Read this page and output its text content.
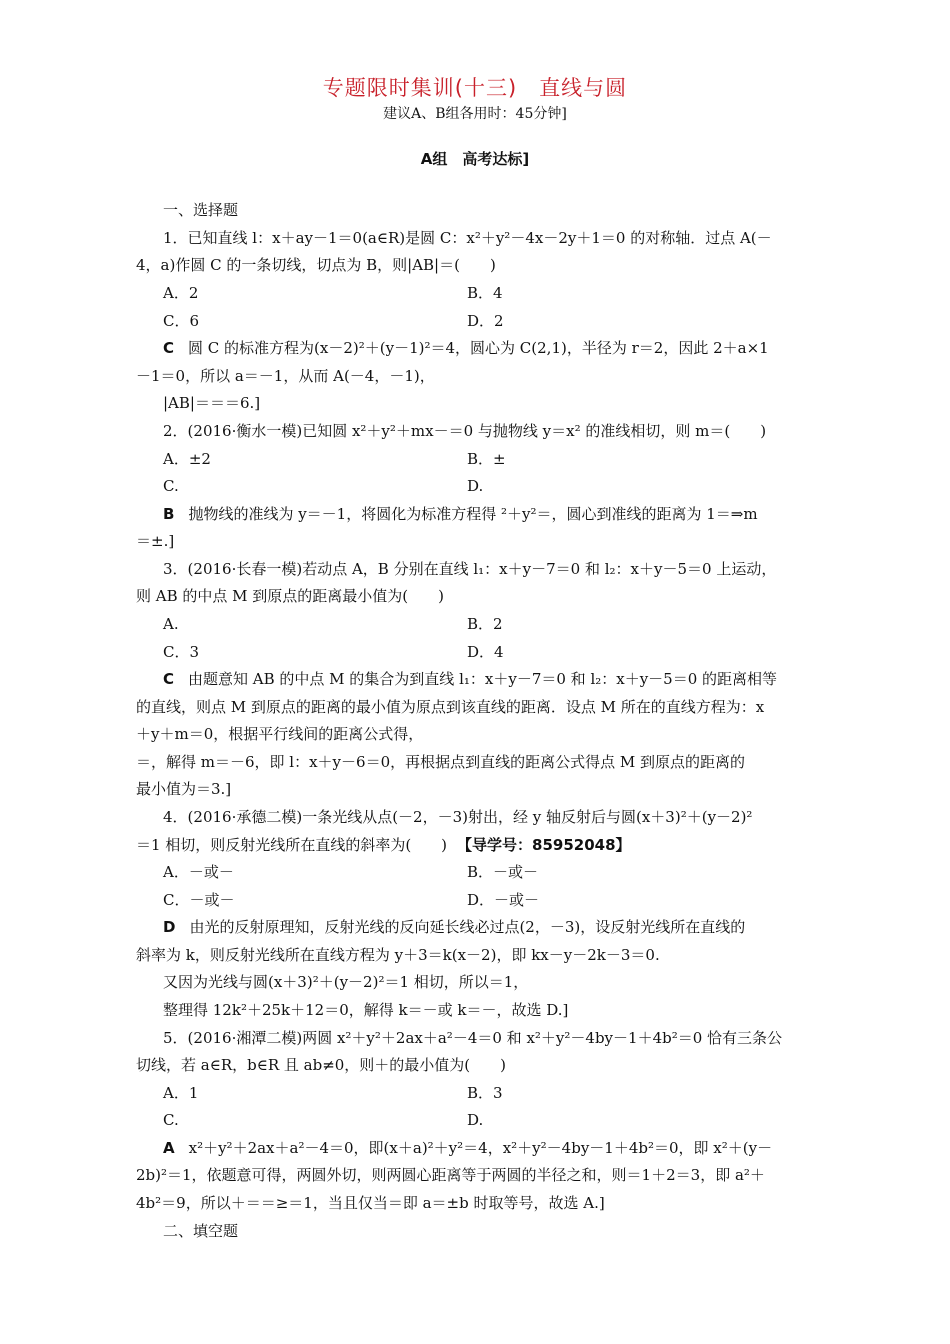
专题限时集训(十三)　直线与圆
建议A、B组各用时：45分钟]
A组　高考达标]
一、选择题
1．已知直线 l：x＋ay－1＝0(a∈R)是圆 C：x²＋y²－4x－2y＋1＝0 的对称轴．过点 A(－
4，a)作圆 C 的一条切线，切点为 B，则|AB|＝(　　)
A．2	B．4
C．6	D．2
C 圆 C 的标准方程为(x－2)²＋(y－1)²＝4，圆心为 C(2,1)，半径为 r＝2，因此 2＋a×1
－1＝0，所以 a＝－1，从而 A(－4，－1)，
|AB|＝＝＝6.]
2．(2016·衡水一模)已知圆 x²＋y²＋mx－＝0 与抛物线 y＝x² 的准线相切，则 m＝(　　)
A．±2	B．±
C.	D.
B 抛物线的准线为 y＝－1，将圆化为标准方程得 ²＋y²＝，圆心到准线的距离为 1＝⇒m
＝±.]
3．(2016·长春一模)若动点 A，B 分别在直线 l₁：x＋y－7＝0 和 l₂：x＋y－5＝0 上运动，
则 AB 的中点 M 到原点的距离最小值为(　　)
A.	B．2
C．3	D．4
C 由题意知 AB 的中点 M 的集合为到直线 l₁：x＋y－7＝0 和 l₂：x＋y－5＝0 的距离相等
的直线，则点 M 到原点的距离的最小值为原点到该直线的距离．设点 M 所在的直线方程为：x
＋y＋m＝0，根据平行线间的距离公式得，
＝，解得 m＝－6，即 l：x＋y－6＝0，再根据点到直线的距离公式得点 M 到原点的距离的
最小值为＝3.]
4．(2016·承德二模)一条光线从点(－2，－3)射出，经 y 轴反射后与圆(x＋3)²＋(y－2)²
＝1 相切，则反射光线所在直线的斜率为(　　) 【导学号：85952048】
A．－或－	B．－或－
C．－或－	D．－或－
D 由光的反射原理知，反射光线的反向延长线必过点(2，－3)，设反射光线所在直线的
斜率为 k，则反射光线所在直线方程为 y＋3＝k(x－2)，即 kx－y－2k－3＝0.
又因为光线与圆(x＋3)²＋(y－2)²＝1 相切，所以＝1，
整理得 12k²＋25k＋12＝0，解得 k＝－或 k＝－，故选 D.]
5．(2016·湘潭二模)两圆 x²＋y²＋2ax＋a²－4＝0 和 x²＋y²－4by－1＋4b²＝0 恰有三条公
切线，若 a∈R，b∈R 且 ab≠0，则＋的最小值为(　　)
A．1	B．3
C.	D.
A x²＋y²＋2ax＋a²－4＝0，即(x＋a)²＋y²＝4，x²＋y²－4by－1＋4b²＝0，即 x²＋(y－
2b)²＝1，依题意可得，两圆外切，则两圆心距离等于两圆的半径之和，则＝1＋2＝3，即 a²＋
4b²＝9，所以＋＝＝≥＝1，当且仅当＝即 a＝±b 时取等号，故选 A.]
二、填空题
